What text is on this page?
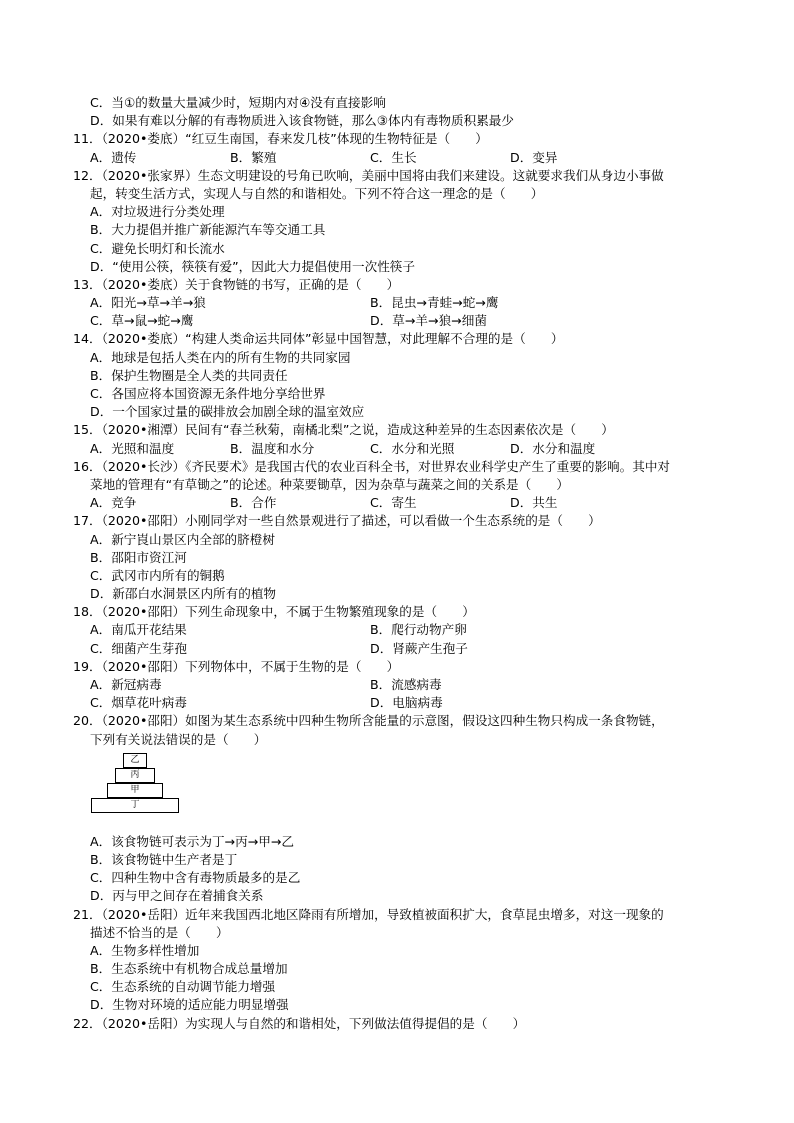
C．当①的数量大量减少时，短期内对④没有直接影响
D．如果有难以分解的有毒物质进入该食物链，那么③体内有毒物质积累最少
11．（2020•娄底）“红豆生南国，春来发几枝”体现的生物特征是（　　）
A．遗传	B．繁殖	C．生长	D．变异
12．（2020•张家界）生态文明建设的号角已吹响，美丽中国将由我们来建设。这就要求我们从身边小事做
起，转变生活方式，实现人与自然的和谐相处。下列不符合这一理念的是（　　）
A．对垃圾进行分类处理
B．大力提倡并推广新能源汽车等交通工具
C．避免长明灯和长流水
D．“使用公筷，筷筷有爱”，因此大力提倡使用一次性筷子
13．（2020•娄底）关于食物链的书写，正确的是（　　）
A．阳光→草→羊→狼	B．昆虫→青蛙→蛇→鹰
C．草→鼠→蛇→鹰	D．草→羊→狼→细菌
14．（2020•娄底）“构建人类命运共同体”彰显中国智慧，对此理解不合理的是（　　）
A．地球是包括人类在内的所有生物的共同家园
B．保护生物圈是全人类的共同责任
C．各国应将本国资源无条件地分享给世界
D．一个国家过量的碳排放会加剧全球的温室效应
15．（2020•湘潭）民间有“春兰秋菊，南橘北梨”之说，造成这种差异的生态因素依次是（　　）
A．光照和温度	B．温度和水分	C．水分和光照	D．水分和温度
16．（2020•长沙）《齐民要术》是我国古代的农业百科全书，对世界农业科学史产生了重要的影响。其中对
菜地的管理有“有草锄之”的论述。种菜要锄草，因为杂草与蔬菜之间的关系是（　　）
A．竞争	B．合作	C．寄生	D．共生
17．（2020•邵阳）小刚同学对一些自然景观进行了描述，可以看做一个生态系统的是（　　）
A．新宁崀山景区内全部的脐橙树
B．邵阳市资江河
C．武冈市内所有的铜鹅
D．新邵白水洞景区内所有的植物
18．（2020•邵阳）下列生命现象中，不属于生物繁殖现象的是（　　）
A．南瓜开花结果	B．爬行动物产卵
C．细菌产生芽孢	D．肾蕨产生孢子
19．（2020•邵阳）下列物体中，不属于生物的是（　　）
A．新冠病毒	B．流感病毒
C．烟草花叶病毒	D．电脑病毒
20．（2020•邵阳）如图为某生态系统中四种生物所含能量的示意图，假设这四种生物只构成一条食物链，
下列有关说法错误的是（　　）
乙
丙
甲
丁
A．该食物链可表示为丁→丙→甲→乙
B．该食物链中生产者是丁
C．四种生物中含有毒物质最多的是乙
D．丙与甲之间存在着捕食关系
21．（2020•岳阳）近年来我国西北地区降雨有所增加，导致植被面积扩大，食草昆虫增多，对这一现象的
描述不恰当的是（　　）
A．生物多样性增加
B．生态系统中有机物合成总量增加
C．生态系统的自动调节能力增强
D．生物对环境的适应能力明显增强
22．（2020•岳阳）为实现人与自然的和谐相处，下列做法值得提倡的是（　　）
